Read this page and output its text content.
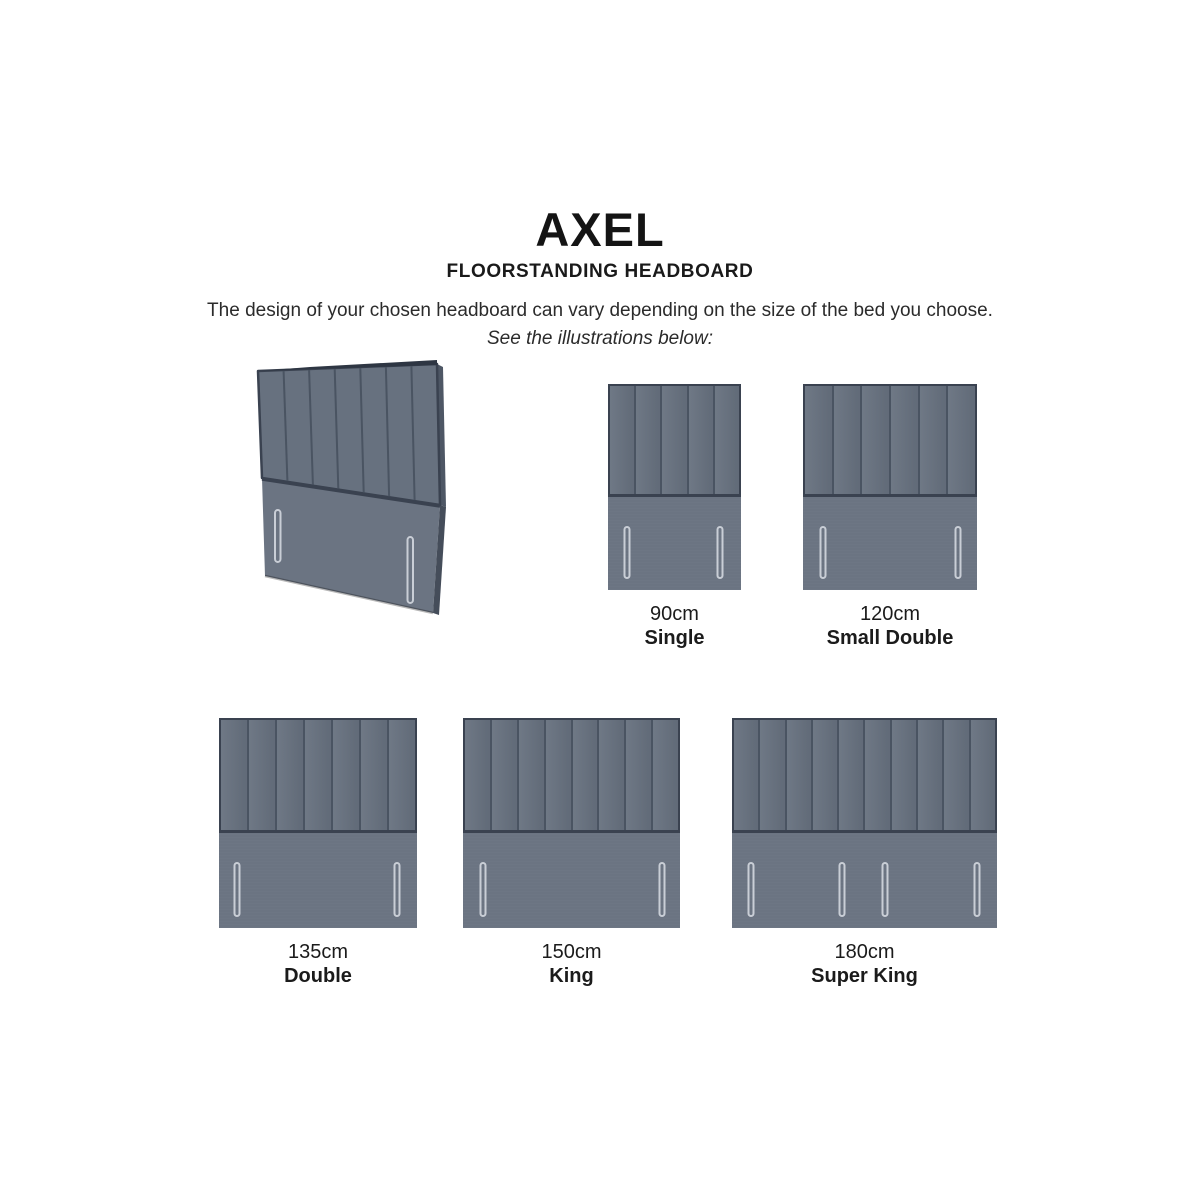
AXEL
FLOORSTANDING HEADBOARD

The design of your chosen headboard can vary depending on the size of the bed you choose.

See the illustrations below:

90cm
Single
120cm
Small Double
135cm
Double
150cm
King
180cm
Super King
